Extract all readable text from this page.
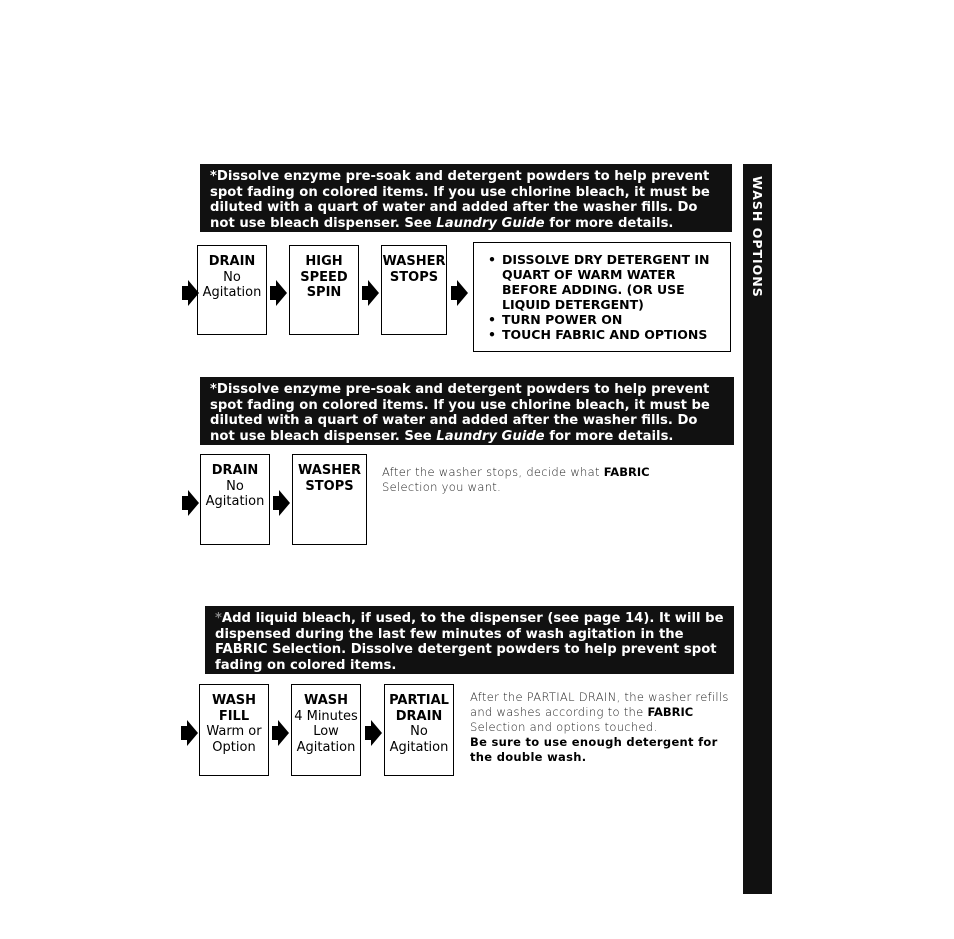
WASH OPTIONS
*Dissolve enzyme pre-soak and detergent powders to help prevent spot fading on colored items. If you use chlorine bleach, it must be diluted with a quart of water and added after the washer fills. Do not use bleach dispenser. See Laundry Guide for more details.
DRAIN
No
Agitation
HIGH
SPEED
SPIN
WASHER
STOPS
• DISSOLVE DRY DETERGENT IN QUART OF WARM WATER BEFORE ADDING. (OR USE LIQUID DETERGENT)
• TURN POWER ON
• TOUCH FABRIC AND OPTIONS
*Dissolve enzyme pre-soak and detergent powders to help prevent spot fading on colored items. If you use chlorine bleach, it must be diluted with a quart of water and added after the washer fills. Do not use bleach dispenser. See Laundry Guide for more details.
DRAIN
No
Agitation
WASHER
STOPS
After the washer stops, decide what FABRIC Selection you want.
*Add liquid bleach, if used, to the dispenser (see page 14). It will be dispensed during the last few minutes of wash agitation in the FABRIC Selection. Dissolve detergent powders to help prevent spot fading on colored items.
WASH
FILL
Warm or
Option
WASH
4 Minutes
Low
Agitation
PARTIAL
DRAIN
No
Agitation
After the PARTIAL DRAIN, the washer refills and washes according to the FABRIC Selection and options touched.
Be sure to use enough detergent for the double wash.
